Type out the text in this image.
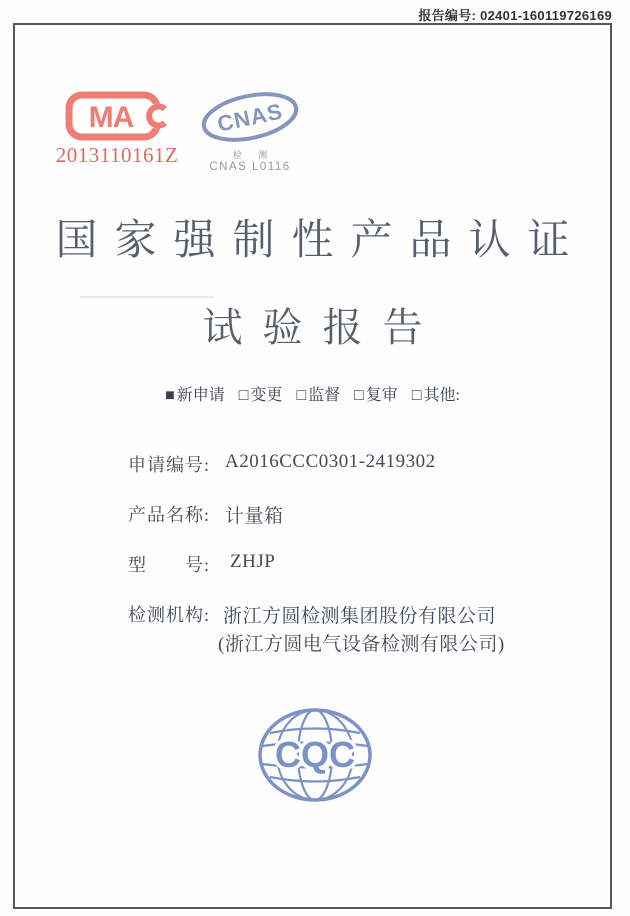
报告编号: 02401-160119726169
MA
2013110161Z
CNAS
检 测
CNAS L0116
国家强制性产品认证
试验报告
■ 新申请 □ 变更 □ 监督 □ 复审 □ 其他:
申请编号: A2016CCC0301-2419302
产品名称: 计量箱
型　　号: ZHJP
检测机构: 浙江方圆检测集团股份有限公司
(浙江方圆电气设备检测有限公司)
CQC
